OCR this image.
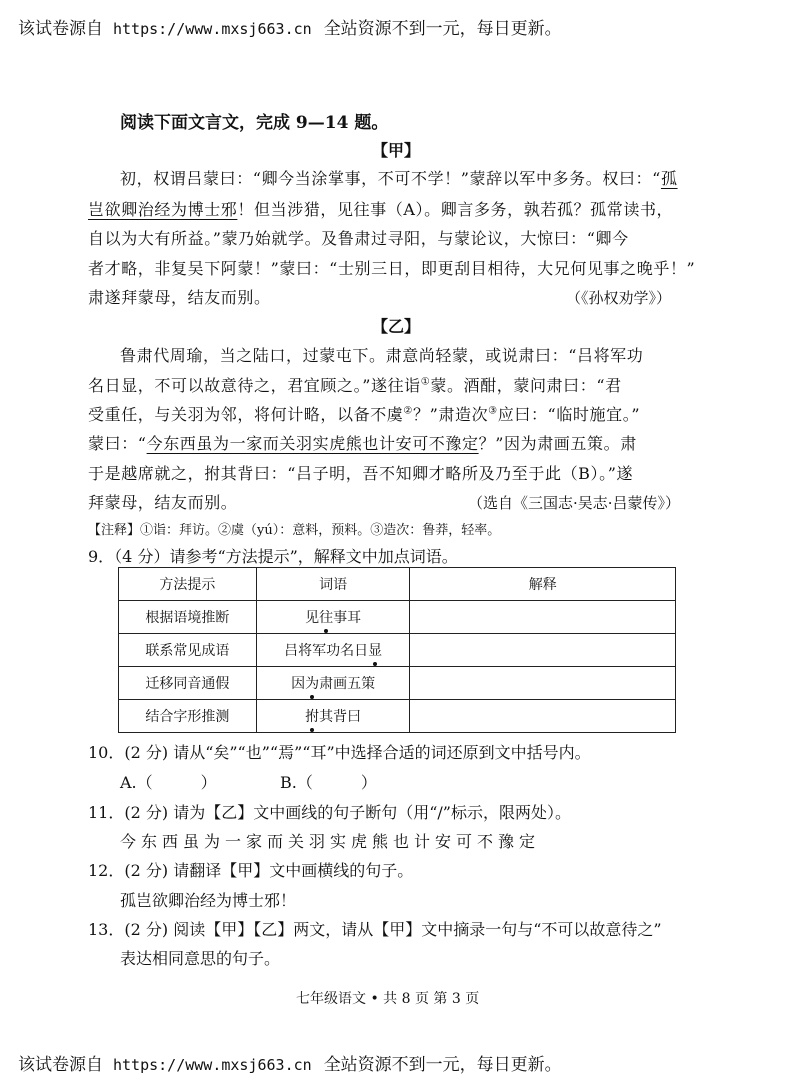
该试卷源自 https://www.mxsj663.cn 全站资源不到一元，每日更新。
阅读下面文言文，完成 9—14 题。
【甲】
初，权谓吕蒙曰：“卿今当涂掌事，不可不学！”蒙辞以军中多务。权曰：“孤
岂欲卿治经为博士邪！但当涉猎，见往事（A）。卿言多务，孰若孤？孤常读书，
自以为大有所益。”蒙乃始就学。及鲁肃过寻阳，与蒙论议，大惊曰：“卿今
者才略，非复吴下阿蒙！”蒙曰：“士别三日，即更刮目相待，大兄何见事之晚乎！”
肃遂拜蒙母，结友而别。	（《孙权劝学》）
【乙】
鲁肃代周瑜，当之陆口，过蒙屯下。肃意尚轻蒙，或说肃曰：“吕将军功
名日显，不可以故意待之，君宜顾之。”遂往诣①蒙。酒酣，蒙问肃曰：“君
受重任，与关羽为邻，将何计略，以备不虞②？”肃造次③应曰：“临时施宜。”
蒙曰：“今东西虽为一家而关羽实虎熊也计安可不豫定？”因为肃画五策。肃
于是越席就之，拊其背曰：“吕子明，吾不知卿才略所及乃至于此（B）。”遂
拜蒙母，结友而别。	（选自《三国志·吴志·吕蒙传》）
【注释】①诣：拜访。②虞（yú）：意料，预料。③造次：鲁莽，轻率。
9．（4 分）请参考“方法提示”，解释文中加点词语。
方法提示	词语	解释
根据语境推断	见往事耳	
联系常见成语	吕将军功名日显	
迁移同音通假	因为肃画五策	
结合字形推测	拊其背曰	
10．(2 分) 请从“矣”“也”“焉”“耳”中选择合适的词还原到文中括号内。
A.（　　　）	B.（　　　）
11．(2 分) 请为【乙】文中画线的句子断句（用“/”标示，限两处）。
今东西虽为一家而关羽实虎熊也计安可不豫定
12．(2 分) 请翻译【甲】文中画横线的句子。
孤岂欲卿治经为博士邪！
13．(2 分) 阅读【甲】【乙】两文，请从【甲】文中摘录一句与“不可以故意待之”
表达相同意思的句子。
七年级语文 • 共 8 页 第 3 页
该试卷源自 https://www.mxsj663.cn 全站资源不到一元，每日更新。
